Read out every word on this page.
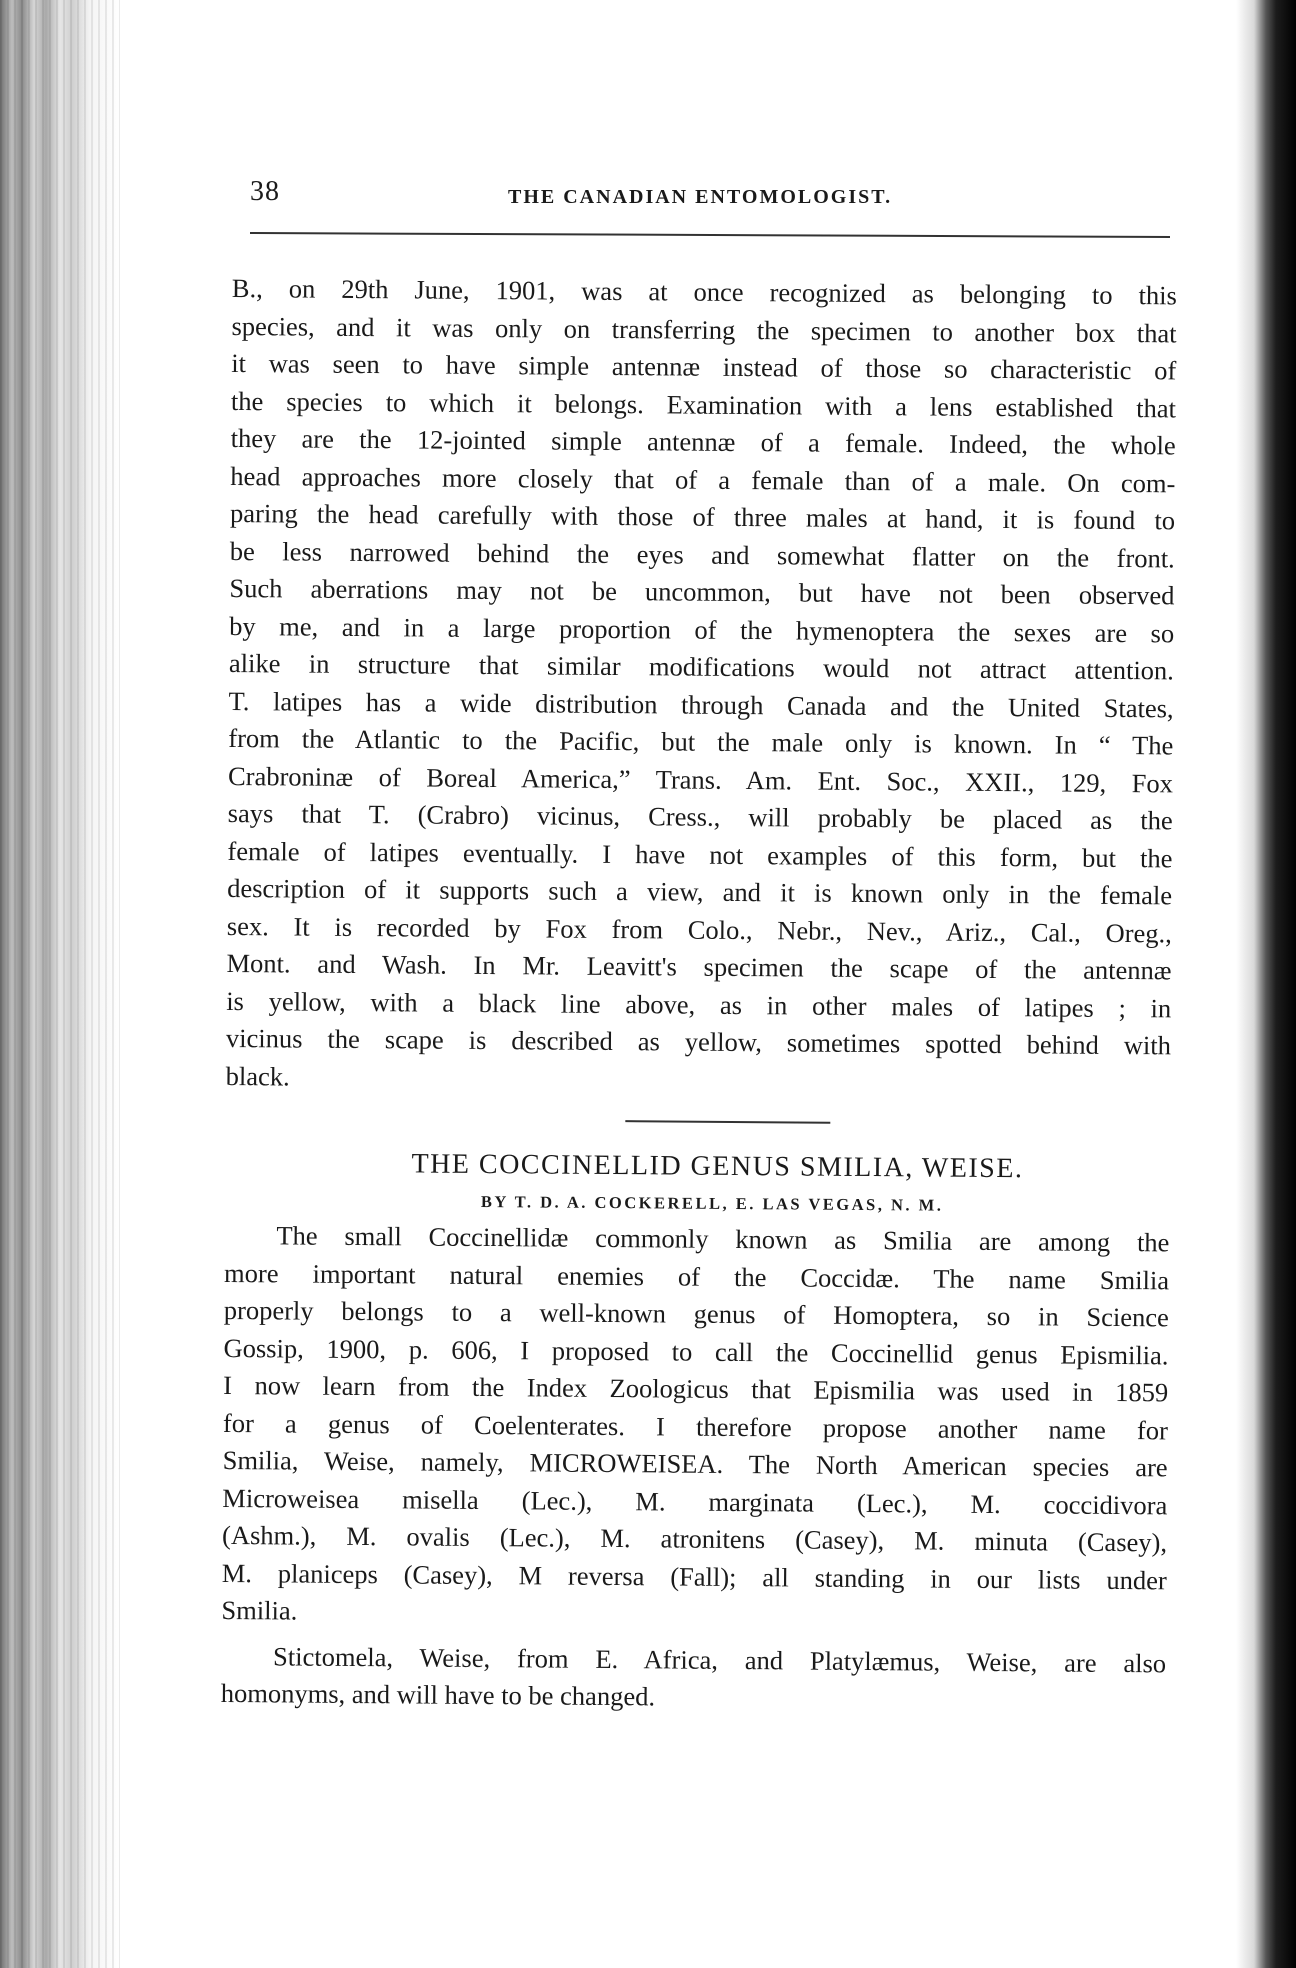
38	THE CANADIAN ENTOMOLOGIST.
B., on 29th June, 1901, was at once recognized as belonging to this
species, and it was only on transferring the specimen to another box that
it was seen to have simple antennæ instead of those so characteristic of
the species to which it belongs. Examination with a lens established that
they are the 12-jointed simple antennæ of a female. Indeed, the whole
head approaches more closely that of a female than of a male. On com-
paring the head carefully with those of three males at hand, it is found to
be less narrowed behind the eyes and somewhat flatter on the front.
Such aberrations may not be uncommon, but have not been observed
by me, and in a large proportion of the hymenoptera the sexes are so
alike in structure that similar modifications would not attract attention.
T. latipes has a wide distribution through Canada and the United States,
from the Atlantic to the Pacific, but the male only is known. In “ The
Crabroninæ of Boreal America,” Trans. Am. Ent. Soc., XXII., 129, Fox
says that T. (Crabro) vicinus, Cress., will probably be placed as the
female of latipes eventually. I have not examples of this form, but the
description of it supports such a view, and it is known only in the female
sex. It is recorded by Fox from Colo., Nebr., Nev., Ariz., Cal., Oreg.,
Mont. and Wash. In Mr. Leavitt's specimen the scape of the antennæ
is yellow, with a black line above, as in other males of latipes ; in
vicinus the scape is described as yellow, sometimes spotted behind with
black.
THE COCCINELLID GENUS SMILIA, WEISE.
BY T. D. A. COCKERELL, E. LAS VEGAS, N. M.
The small Coccinellidæ commonly known as Smilia are among the
more important natural enemies of the Coccidæ. The name Smilia
properly belongs to a well-known genus of Homoptera, so in Science
Gossip, 1900, p. 606, I proposed to call the Coccinellid genus Epismilia.
I now learn from the Index Zoologicus that Epismilia was used in 1859
for a genus of Coelenterates. I therefore propose another name for
Smilia, Weise, namely, MICROWEISEA. The North American species are
Microweisea misella (Lec.), M. marginata (Lec.), M. coccidivora
(Ashm.), M. ovalis (Lec.), M. atronitens (Casey), M. minuta (Casey),
M. planiceps (Casey), M reversa (Fall); all standing in our lists under
Smilia.
Stictomela, Weise, from E. Africa, and Platylæmus, Weise, are also
homonyms, and will have to be changed.
